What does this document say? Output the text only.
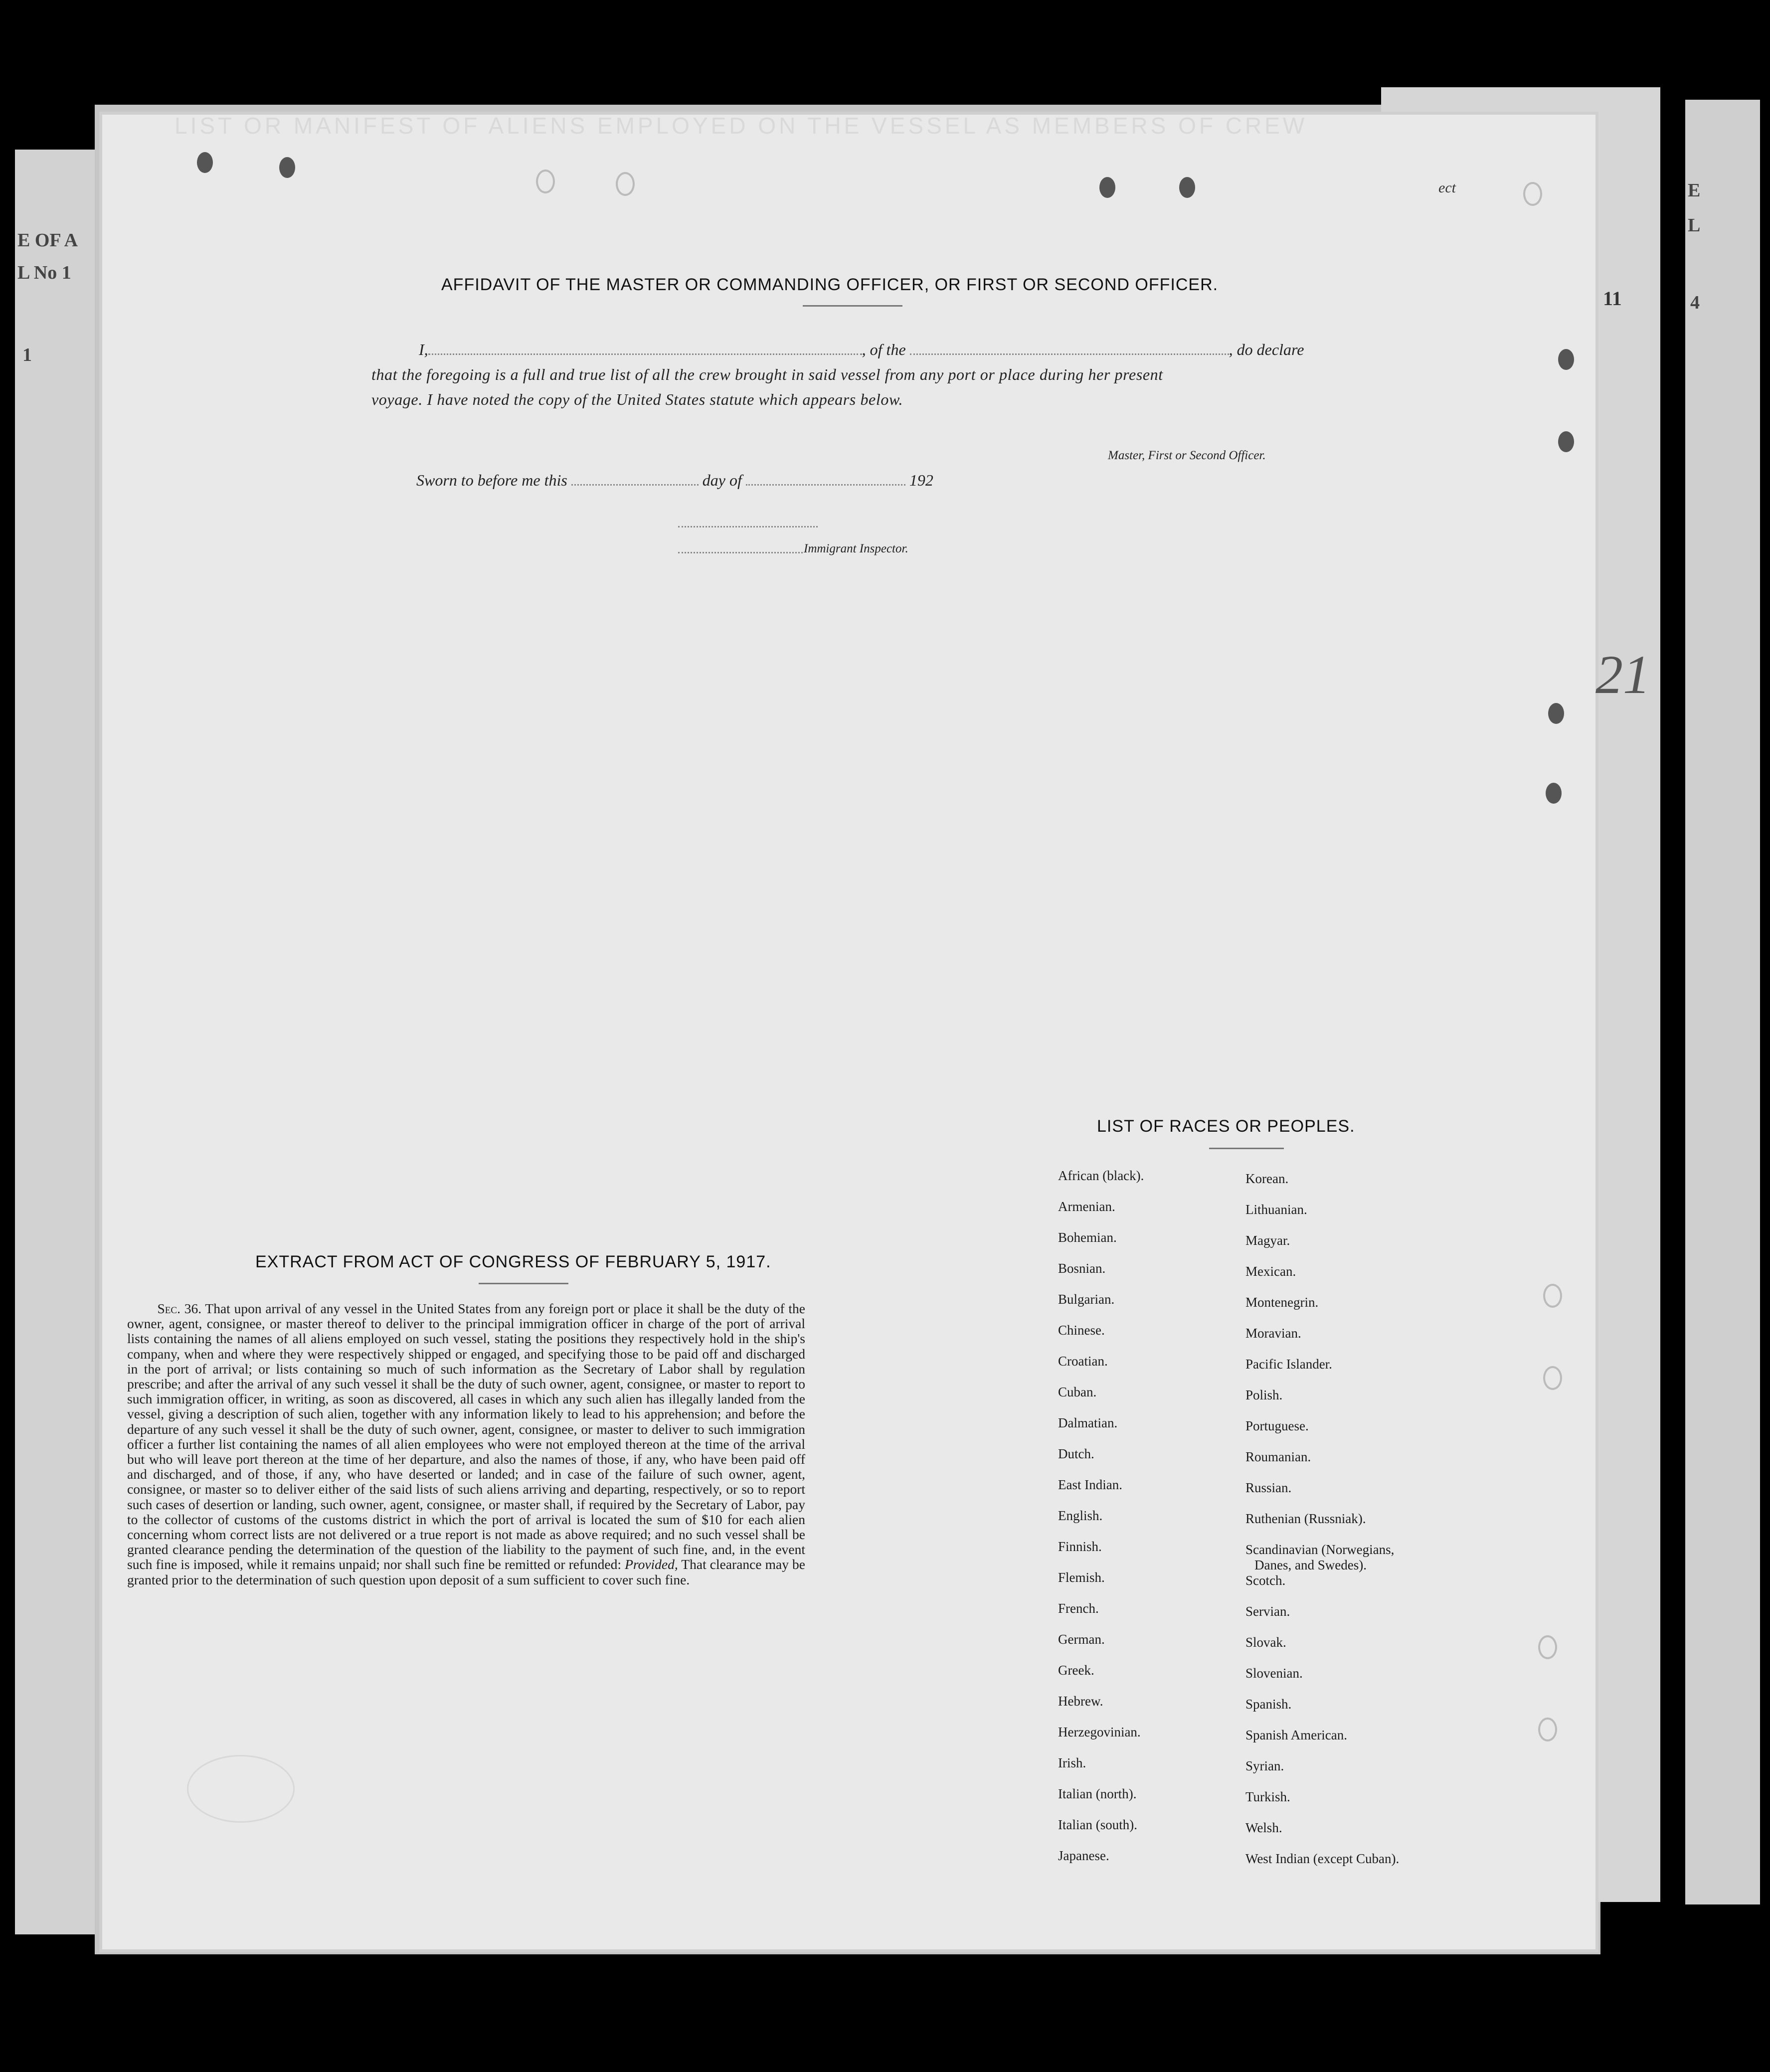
E OF A
L No 1
1
E
L
4
LIST OR MANIFEST OF ALIENS EMPLOYED ON THE VESSEL AS MEMBERS OF CREW
11
ect
21
AFFIDAVIT OF THE MASTER OR COMMANDING OFFICER, OR FIRST OR SECOND OFFICER.
I,	, of the	, do declare
that the foregoing is a full and true list of all the crew brought in said vessel from any port or place during her present
voyage. I have noted the copy of the United States statute which appears below.
Master, First or Second Officer.
Sworn to before me this	day of	192
Immigrant Inspector.
EXTRACT FROM ACT OF CONGRESS OF FEBRUARY 5, 1917.
Sec. 36. That upon arrival of any vessel in the United States from any foreign port or place it shall be the duty of the owner, agent, consignee, or master thereof to deliver to the principal immigration officer in charge of the port of arrival lists containing the names of all aliens employed on such vessel, stating the positions they respectively hold in the ship's company, when and where they were respectively shipped or engaged, and specifying those to be paid off and discharged in the port of arrival; or lists containing so much of such information as the Secretary of Labor shall by regulation prescribe; and after the arrival of any such vessel it shall be the duty of such owner, agent, consignee, or master to report to such immigration officer, in writing, as soon as discovered, all cases in which any such alien has illegally landed from the vessel, giving a description of such alien, together with any information likely to lead to his apprehension; and before the departure of any such vessel it shall be the duty of such owner, agent, consignee, or master to deliver to such immigration officer a further list containing the names of all alien employees who were not employed thereon at the time of the arrival but who will leave port thereon at the time of her departure, and also the names of those, if any, who have been paid off and discharged, and of those, if any, who have deserted or landed; and in case of the failure of such owner, agent, consignee, or master so to deliver either of the said lists of such aliens arriving and departing, respectively, or so to report such cases of desertion or landing, such owner, agent, consignee, or master shall, if required by the Secretary of Labor, pay to the collector of customs of the customs district in which the port of arrival is located the sum of $10 for each alien concerning whom correct lists are not delivered or a true report is not made as above required; and no such vessel shall be granted clearance pending the determination of the question of the liability to the payment of such fine, and, in the event such fine is imposed, while it remains unpaid; nor shall such fine be remitted or refunded: Provided, That clearance may be granted prior to the determination of such question upon deposit of a sum sufficient to cover such fine.
LIST OF RACES OR PEOPLES.
African (black).
Armenian.
Bohemian.
Bosnian.
Bulgarian.
Chinese.
Croatian.
Cuban.
Dalmatian.
Dutch.
East Indian.
English.
Finnish.
Flemish.
French.
German.
Greek.
Hebrew.
Herzegovinian.
Irish.
Italian (north).
Italian (south).
Japanese.
Korean.
Lithuanian.
Magyar.
Mexican.
Montenegrin.
Moravian.
Pacific Islander.
Polish.
Portuguese.
Roumanian.
Russian.
Ruthenian (Russniak).
Scandinavian (Norwegians,
Danes, and Swedes).
Scotch.
Servian.
Slovak.
Slovenian.
Spanish.
Spanish American.
Syrian.
Turkish.
Welsh.
West Indian (except Cuban).
